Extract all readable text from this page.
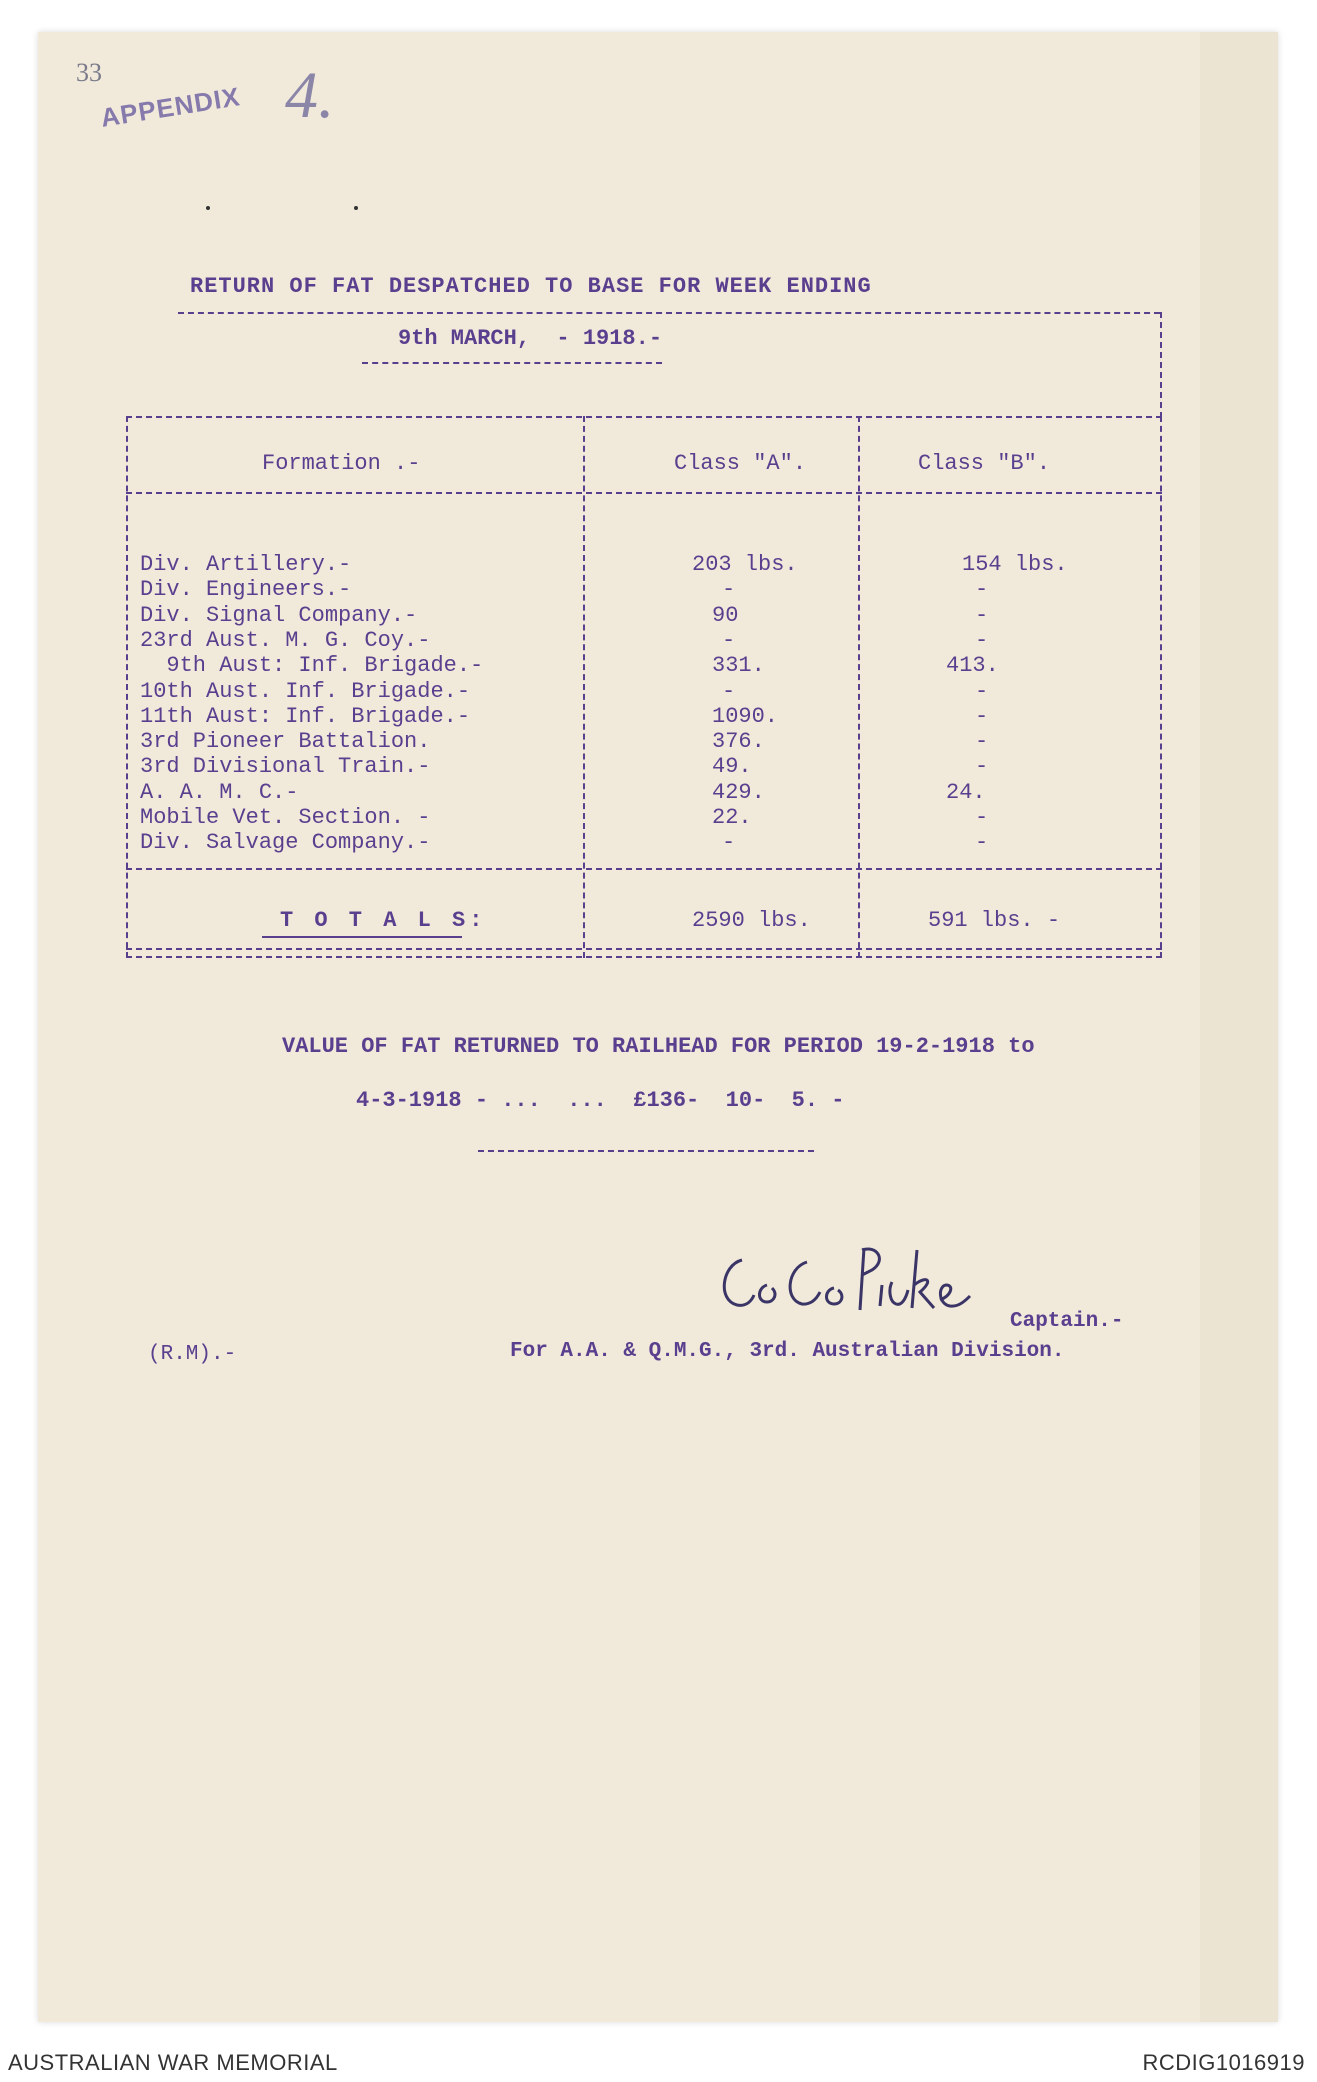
33
APPENDIX 4.
RETURN OF FAT DESPATCHED TO BASE FOR WEEK ENDING
9th MARCH,  - 1918.-
Formation .-	Class "A".	Class "B".
Div. Artillery.-	203 lbs.	154 lbs.
Div. Engineers.-	-	-
Div. Signal Company.-	90	-
23rd Aust. M. G. Coy.-	-	-
9th Aust: Inf. Brigade.-	331.	413.
10th Aust. Inf. Brigade.-	-	-
11th Aust: Inf. Brigade.-	1090.	-
3rd Pioneer Battalion.	376.	-
3rd Divisional Train.-	49.	-
A. A. M. C.-	429.	24.
Mobile Vet. Section. -	22.	-
Div. Salvage Company.-	-	-
T O T A L S:	2590 lbs.	591 lbs. -
VALUE OF FAT RETURNED TO RAILHEAD FOR PERIOD 19-2-1918 to
4-3-1918 - ...  ...  £136-  10-  5. -
Captain.-
(R.M).-	For A.A. & Q.M.G., 3rd. Australian Division.
AUSTRALIAN WAR MEMORIAL	RCDIG1016919
